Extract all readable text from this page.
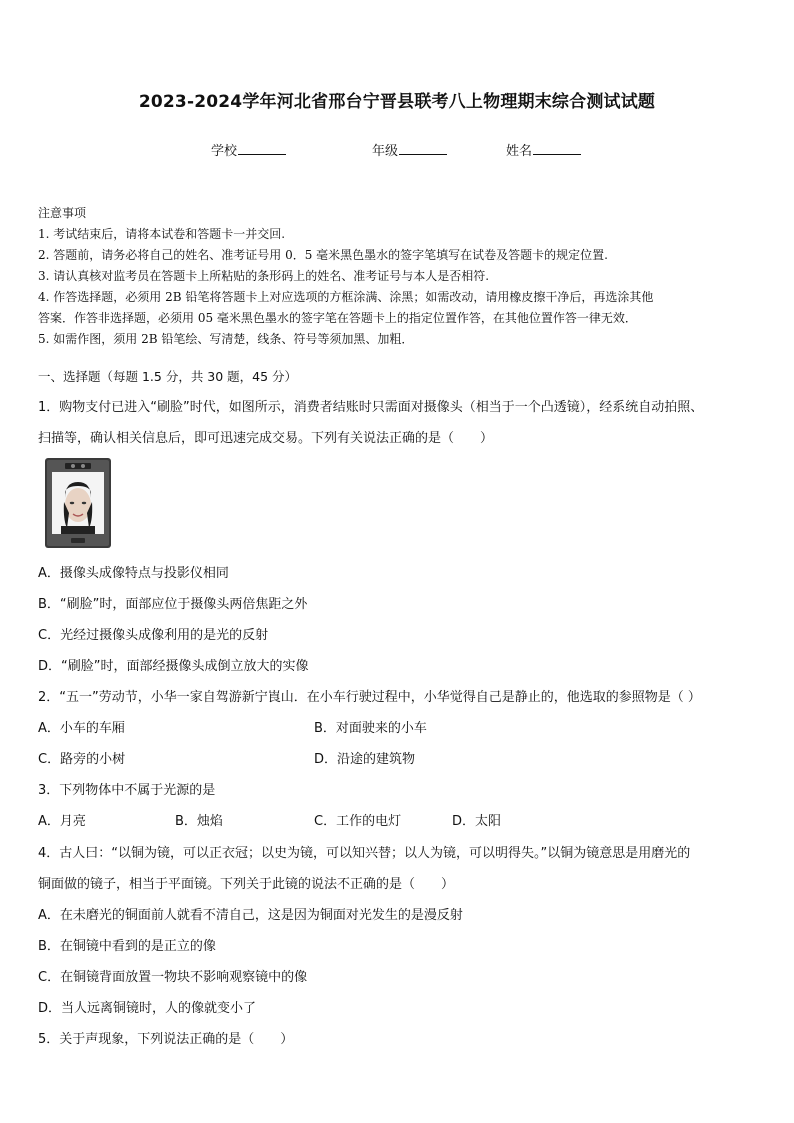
2023-2024学年河北省邢台宁晋县联考八上物理期末综合测试试题
学校	年级	姓名
注意事项
1. 考试结束后，请将本试卷和答题卡一并交回.
2. 答题前，请务必将自己的姓名、准考证号用 0．5 毫米黑色墨水的签字笔填写在试卷及答题卡的规定位置.
3. 请认真核对监考员在答题卡上所粘贴的条形码上的姓名、准考证号与本人是否相符.
4. 作答选择题，必须用 2B 铅笔将答题卡上对应选项的方框涂满、涂黑；如需改动，请用橡皮擦干净后，再选涂其他
答案．作答非选择题，必须用 05 毫米黑色墨水的签字笔在答题卡上的指定位置作答，在其他位置作答一律无效．
5. 如需作图，须用 2B 铅笔绘、写清楚，线条、符号等须加黑、加粗．
一、选择题（每题 1.5 分，共 30 题，45 分）
1．购物支付已进入“刷脸”时代，如图所示，消费者结账时只需面对摄像头（相当于一个凸透镜），经系统自动拍照、
扫描等，确认相关信息后，即可迅速完成交易。下列有关说法正确的是（　　）
A．摄像头成像特点与投影仪相同
B．“刷脸”时，面部应位于摄像头两倍焦距之外
C．光经过摄像头成像利用的是光的反射
D．“刷脸”时，面部经摄像头成倒立放大的实像
2．“五一”劳动节，小华一家自驾游新宁崀山．在小车行驶过程中，小华觉得自己是静止的，他选取的参照物是（ ）
A．小车的车厢	B．对面驶来的小车
C．路旁的小树	D．沿途的建筑物
3．下列物体中不属于光源的是
A．月亮	B．烛焰	C．工作的电灯	D．太阳
4．古人曰：“以铜为镜，可以正衣冠；以史为镜，可以知兴替；以人为镜，可以明得失。”以铜为镜意思是用磨光的
铜面做的镜子，相当于平面镜。下列关于此镜的说法不正确的是（　　）
A．在未磨光的铜面前人就看不清自己，这是因为铜面对光发生的是漫反射
B．在铜镜中看到的是正立的像
C．在铜镜背面放置一物块不影响观察镜中的像
D．当人远离铜镜时，人的像就变小了
5．关于声现象，下列说法正确的是（　　）
